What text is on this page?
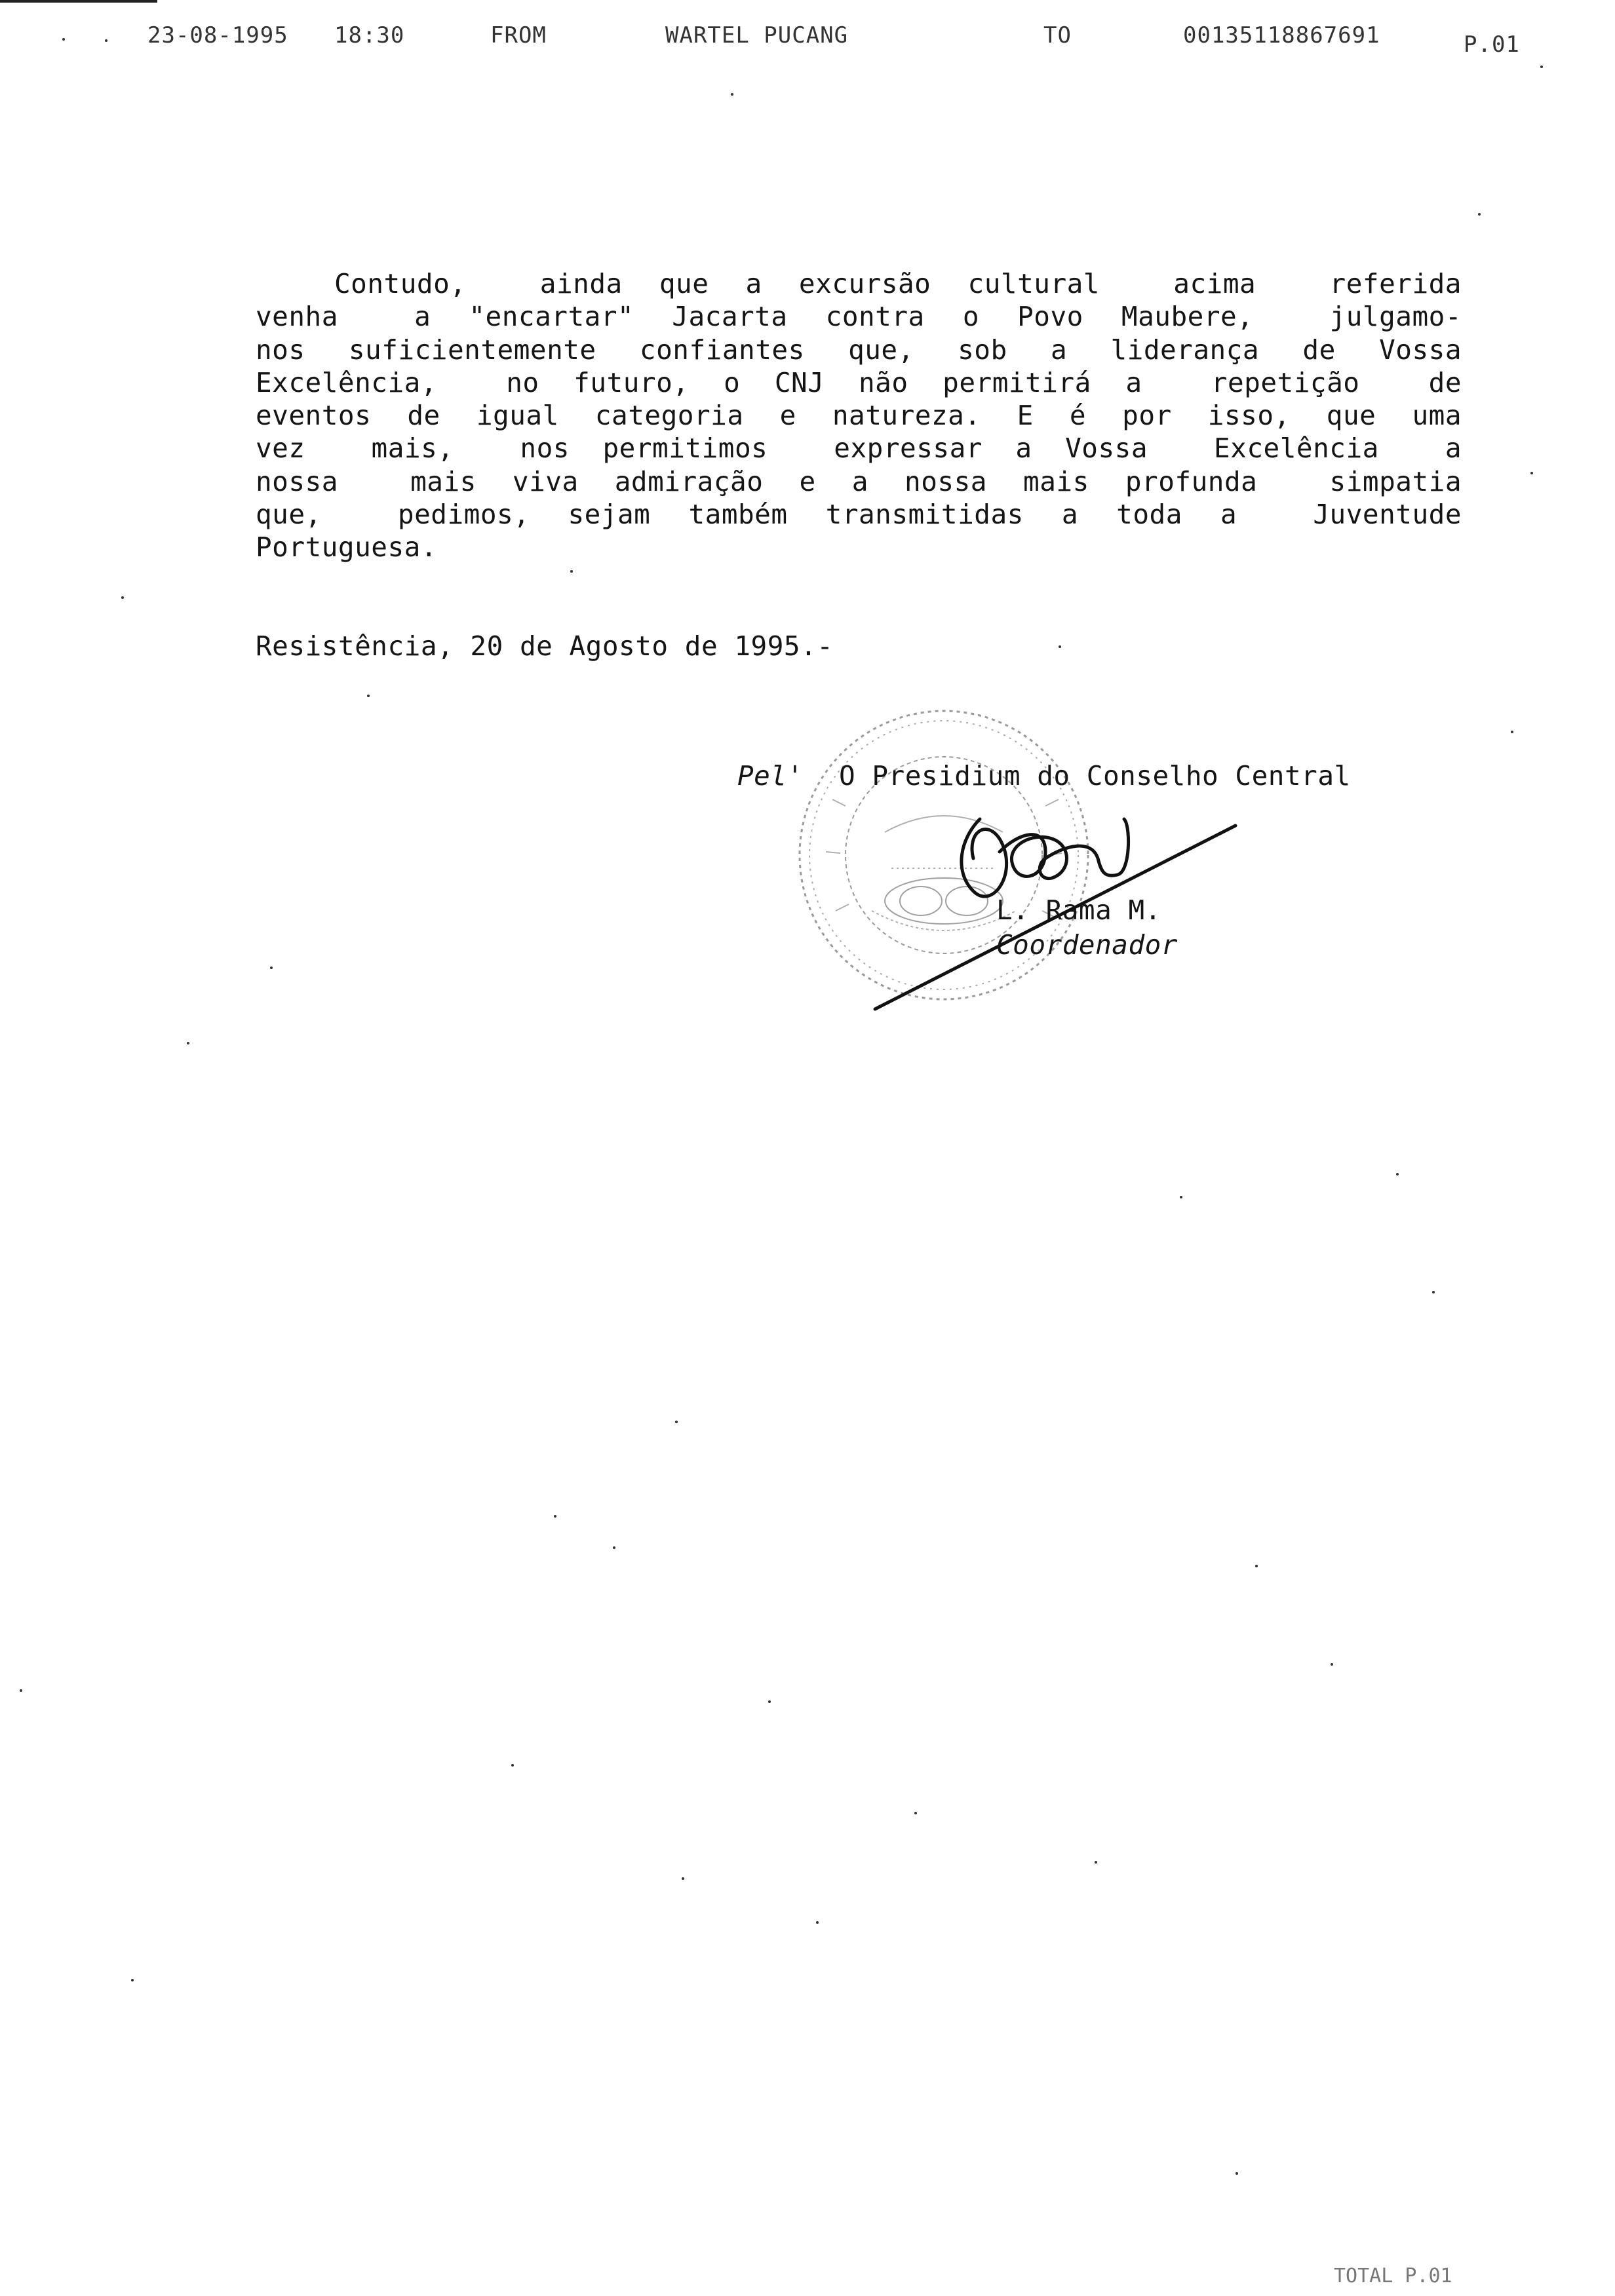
23-08-1995 18:30	FROM	WARTEL PUCANG	TO	00135118867691	P.01
Contudo,  ainda que a excursão cultural  acima  referida
venha  a "encartar" Jacarta contra o Povo Maubere,  julgamo-
nos suficientemente confiantes que, sob a liderança de Vossa
Excelência,  no futuro, o CNJ não permitirá a  repetição  de
eventos de igual categoria e natureza. E é por isso, que uma
vez  mais,  nos permitimos  expressar a Vossa  Excelência  a
nossa  mais viva admiração e a nossa mais profunda  simpatia
que,  pedimos, sejam também transmitidas a toda a  Juventude
Portuguesa.
Resistência, 20 de Agosto de 1995.-
Pel' O Presidium do Conselho Central
L. Rama M.
Coordenador
TOTAL P.01
